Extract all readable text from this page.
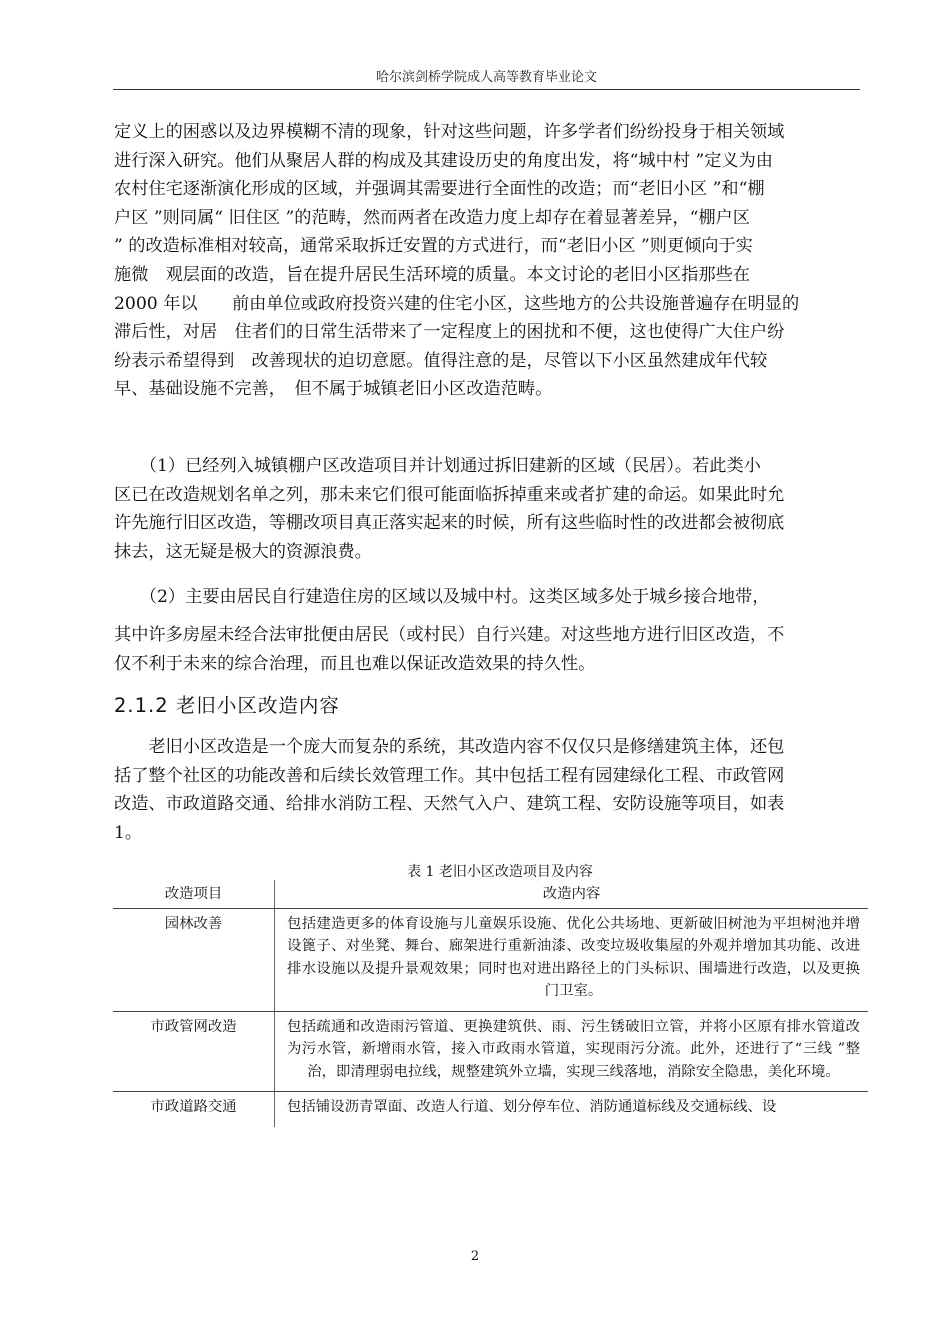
哈尔滨剑桥学院成人高等教育毕业论文
定义上的困惑以及边界模糊不清的现象，针对这些问题，许多学者们纷纷投身于相关领域
进行深入研究。他们从聚居人群的构成及其建设历史的角度出发，将“城中村 ”定义为由
农村住宅逐渐演化形成的区域，并强调其需要进行全面性的改造；而“老旧小区 ”和“棚
户区 ”则同属“ 旧住区 ”的范畴，然而两者在改造力度上却存在着显著差异，“棚户区
” 的改造标准相对较高，通常采取拆迁安置的方式进行，而“老旧小区 ”则更倾向于实
施微　观层面的改造，旨在提升居民生活环境的质量。本文讨论的老旧小区指那些在
2000 年以　　前由单位或政府投资兴建的住宅小区，这些地方的公共设施普遍存在明显的
滞后性，对居　住者们的日常生活带来了一定程度上的困扰和不便，这也使得广大住户纷
纷表示希望得到　改善现状的迫切意愿。值得注意的是，尽管以下小区虽然建成年代较
早、基础设施不完善，　但不属于城镇老旧小区改造范畴。
　　（1）已经列入城镇棚户区改造项目并计划通过拆旧建新的区域（民居）。若此类小
区已在改造规划名单之列，那未来它们很可能面临拆掉重来或者扩建的命运。如果此时允
许先施行旧区改造，等棚改项目真正落实起来的时候，所有这些临时性的改进都会被彻底
抹去，这无疑是极大的资源浪费。
　　（2）主要由居民自行建造住房的区域以及城中村。这类区域多处于城乡接合地带，
其中许多房屋未经合法审批便由居民（或村民）自行兴建。对这些地方进行旧区改造，不
仅不利于未来的综合治理，而且也难以保证改造效果的持久性。
2.1.2 老旧小区改造内容
　　老旧小区改造是一个庞大而复杂的系统，其改造内容不仅仅只是修缮建筑主体，还包
括了整个社区的功能改善和后续长效管理工作。其中包括工程有园建绿化工程、市政管网
改造、市政道路交通、给排水消防工程、天然气入户、建筑工程、安防设施等项目，如表
1。
表 1 老旧小区改造项目及内容
改造项目	改造内容
园林改善	包括建造更多的体育设施与儿童娱乐设施、优化公共场地、更新破旧树池为平坦树池并增设篦子、对坐凳、舞台、廊架进行重新油漆、改变垃圾收集屋的外观并增加其功能、改进排水设施以及提升景观效果；同时也对进出路径上的门头标识、围墙进行改造，以及更换门卫室。
市政管网改造	包括疏通和改造雨污管道、更换建筑供、雨、污生锈破旧立管，并将小区原有排水管道改为污水管，新增雨水管，接入市政雨水管道，实现雨污分流。此外，还进行了“三线 ”整治，即清理弱电拉线，规整建筑外立墙，实现三线落地，消除安全隐患，美化环境。
市政道路交通	包括铺设沥青罩面、改造人行道、划分停车位、消防通道标线及交通标线、设
2
